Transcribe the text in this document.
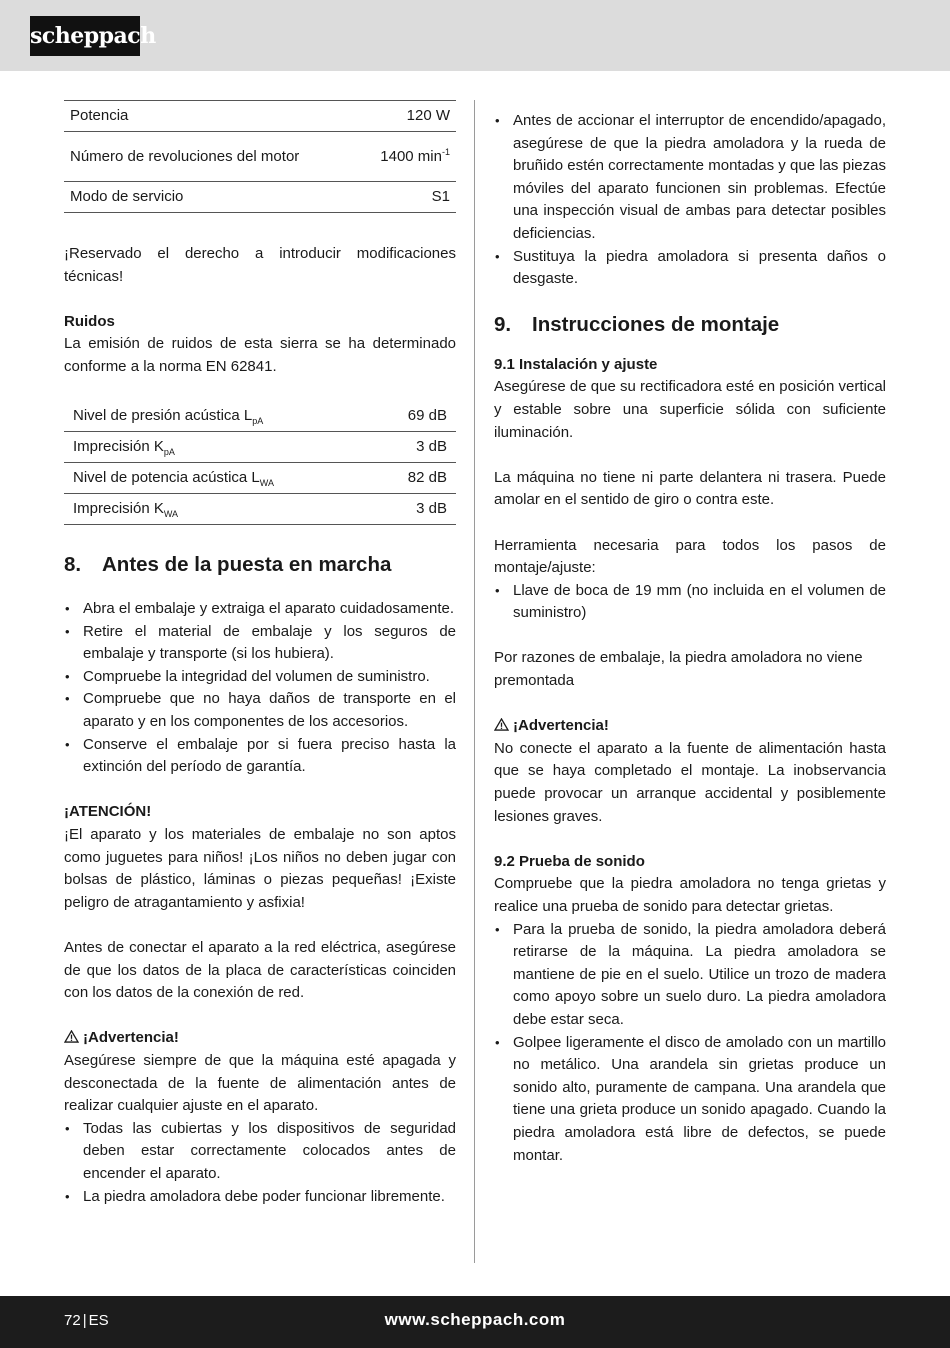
scheppach
Potencia	120 W
Número de revoluciones del motor	1400 $\min^{-1}$
Modo de servicio	S1

¡Reservado el derecho a introducir modificaciones técnicas!

Ruidos

La emisión de ruidos de esta sierra se ha determinado conforme a la norma EN 62841.

Nivel de presión acústica $L_{pA}$	69 dB
Imprecisión $K_{pA}$	3 dB
Nivel de potencia acústica $L_{WA}$	82 dB
Imprecisión $K_{WA}$	3 dB
8. Antes de la puesta en marcha
• Abra el embalaje y extraiga el aparato cuidadosamente.
• Retire el material de embalaje y los seguros de embalaje y transporte (si los hubiera).
• Compruebe la integridad del volumen de suministro.
• Compruebe que no haya daños de transporte en el aparato y en los componentes de los accesorios.
• Conserve el embalaje por si fuera preciso hasta la extinción del período de garantía.

¡ATENCIÓN!

¡El aparato y los materiales de embalaje no son aptos como juguetes para niños! ¡Los niños no deben jugar con bolsas de plástico, láminas o piezas pequeñas! ¡Existe peligro de atragantamiento y asfixia!

Antes de conectar el aparato a la red eléctrica, asegúrese de que los datos de la placa de características coinciden con los datos de la conexión de red.

¡Advertencia!

Asegúrese siempre de que la máquina esté apagada y desconectada de la fuente de alimentación antes de realizar cualquier ajuste en el aparato.

• Todas las cubiertas y los dispositivos de seguridad deben estar correctamente colocados antes de encender el aparato.
• La piedra amoladora debe poder funcionar libremente.
• Antes de accionar el interruptor de encendido/apagado, asegúrese de que la piedra amoladora y la rueda de bruñido estén correctamente montadas y que las piezas móviles del aparato funcionen sin problemas. Efectúe una inspección visual de ambas para detectar posibles deficiencias.
• Sustituya la piedra amoladora si presenta daños o desgaste.
9. Instrucciones de montaje

9.1 Instalación y ajuste

Asegúrese de que su rectificadora esté en posición vertical y estable sobre una superficie sólida con suficiente iluminación.

La máquina no tiene ni parte delantera ni trasera. Puede amolar en el sentido de giro o contra este.

Herramienta necesaria para todos los pasos de montaje/ajuste:

• Llave de boca de 19 mm (no incluida en el volumen de suministro)

Por razones de embalaje, la piedra amoladora no viene premontada

¡Advertencia!

No conecte el aparato a la fuente de alimentación hasta que se haya completado el montaje. La inobservancia puede provocar un arranque accidental y posiblemente lesiones graves.

9.2 Prueba de sonido

Compruebe que la piedra amoladora no tenga grietas y realice una prueba de sonido para detectar grietas.

• Para la prueba de sonido, la piedra amoladora deberá retirarse de la máquina. La piedra amoladora se mantiene de pie en el suelo. Utilice un trozo de madera como apoyo sobre un suelo duro. La piedra amoladora debe estar seca.
• Golpee ligeramente el disco de amolado con un martillo no metálico. Una arandela sin grietas produce un sonido alto, puramente de campana. Una arandela que tiene una grieta produce un sonido apagado. Cuando la piedra amoladora está libre de defectos, se puede montar.
72 | ES	www.scheppach.com
